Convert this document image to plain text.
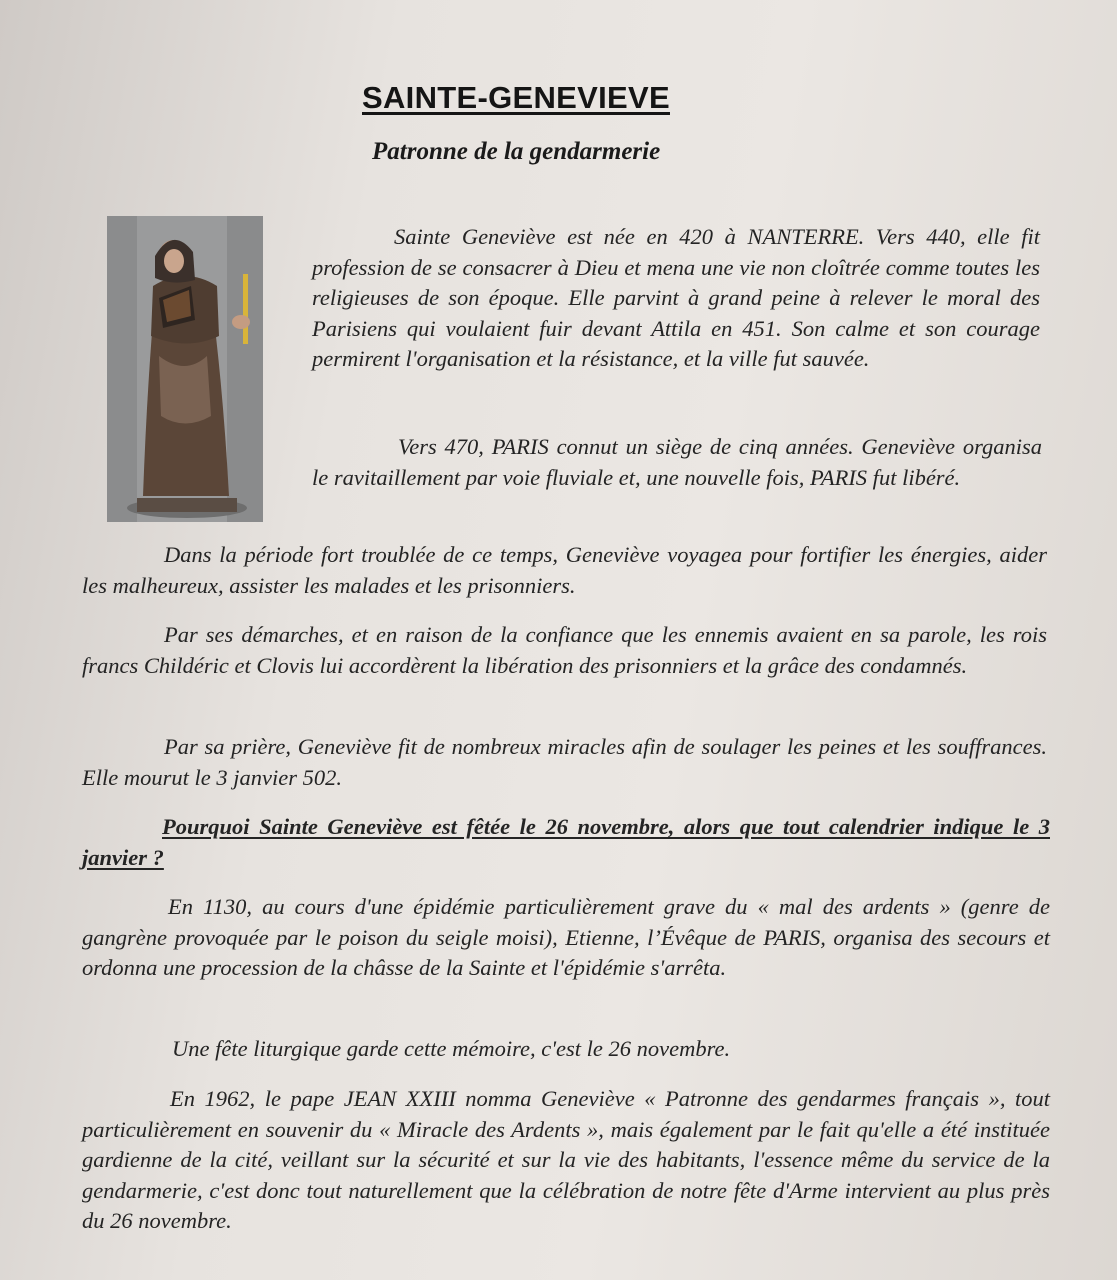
SAINTE-GENEVIEVE
Patronne de la gendarmerie

Sainte Geneviève est née en 420 à NANTERRE. Vers 440, elle fit profession de se consacrer à Dieu et mena une vie non cloîtrée comme toutes les religieuses de son époque. Elle parvint à grand peine à relever le moral des Parisiens qui voulaient fuir devant Attila en 451. Son calme et son courage permirent l'organisation et la résistance, et la ville fut sauvée.

Vers 470, PARIS connut un siège de cinq années. Geneviève organisa le ravitaillement par voie fluviale et, une nouvelle fois, PARIS fut libéré.

Dans la période fort troublée de ce temps, Geneviève voyagea pour fortifier les énergies, aider les malheureux, assister les malades et les prisonniers.

Par ses démarches, et en raison de la confiance que les ennemis avaient en sa parole, les rois francs Childéric et Clovis lui accordèrent la libération des prisonniers et la grâce des condamnés.

Par sa prière, Geneviève fit de nombreux miracles afin de soulager les peines et les souffrances. Elle mourut le 3 janvier 502.

Pourquoi Sainte Geneviève est fêtée le 26 novembre, alors que tout calendrier indique le 3 janvier ?

En 1130, au cours d'une épidémie particulièrement grave du « mal des ardents » (genre de gangrène provoquée par le poison du seigle moisi), Etienne, l’Évêque de PARIS, organisa des secours et ordonna une procession de la châsse de la Sainte et l'épidémie s'arrêta.

Une fête liturgique garde cette mémoire, c'est le 26 novembre.

En 1962, le pape JEAN XXIII nomma Geneviève « Patronne des gendarmes français », tout particulièrement en souvenir du « Miracle des Ardents », mais également par le fait qu'elle a été instituée gardienne de la cité, veillant sur la sécurité et sur la vie des habitants, l'essence même du service de la gendarmerie, c'est donc tout naturellement que la célébration de notre fête d'Arme intervient au plus près du 26 novembre.
